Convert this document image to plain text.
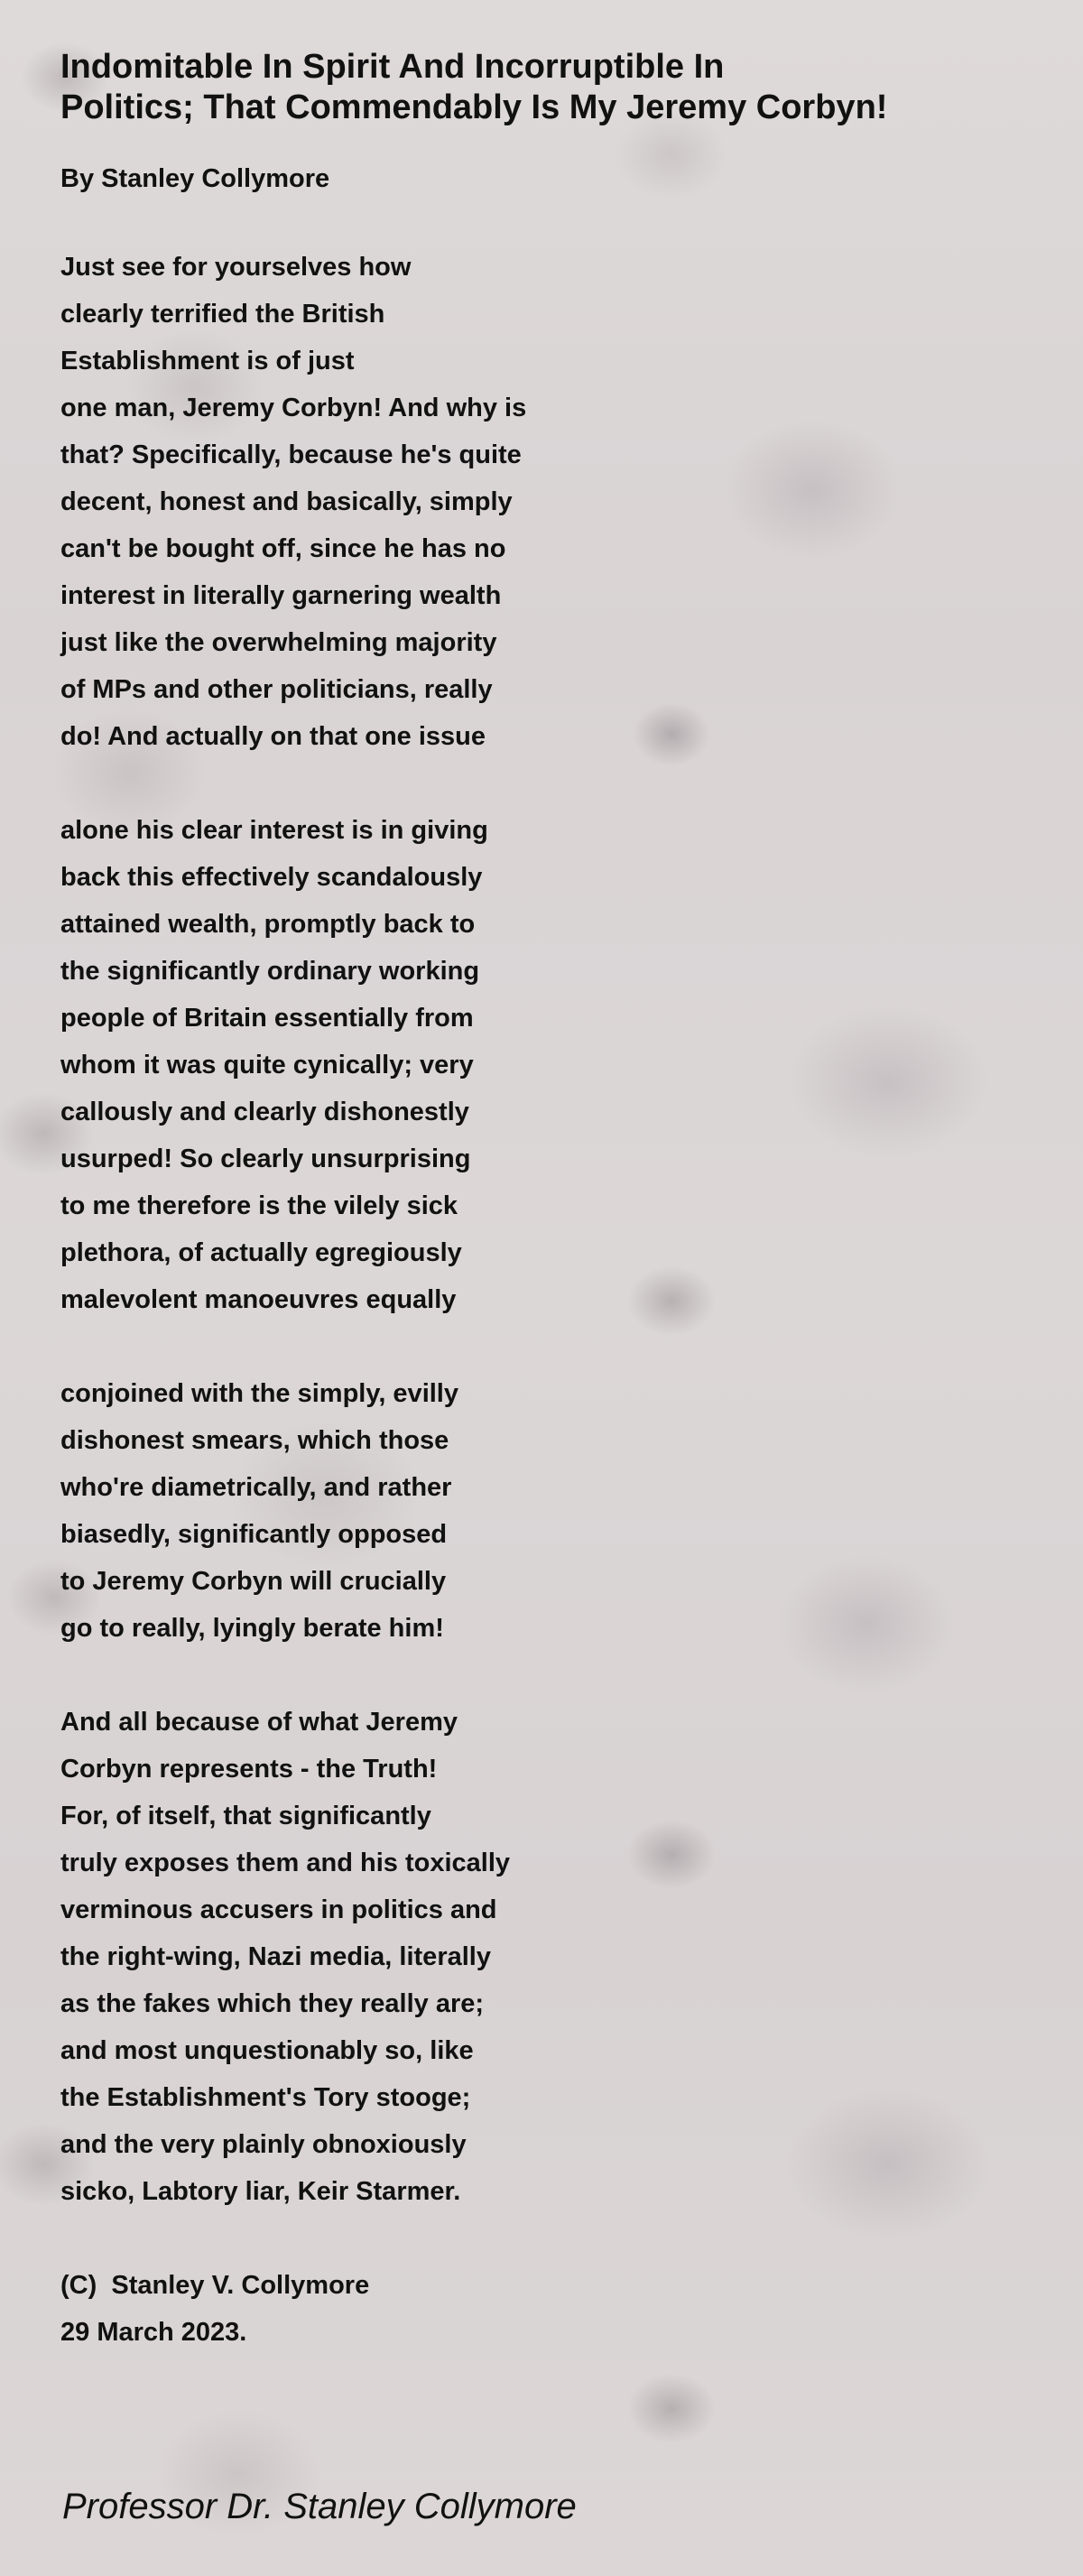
Indomitable In Spirit And Incorruptible In
Politics; That Commendably Is My Jeremy Corbyn!
By Stanley Collymore
Just see for yourselves how
clearly terrified the British
Establishment is of just
one man, Jeremy Corbyn! And why is
that? Specifically, because he's quite
decent, honest and basically, simply
can't be bought off, since he has no
interest in literally garnering wealth
just like the overwhelming majority
of MPs and other politicians, really
do! And actually on that one issue
alone his clear interest is in giving
back this effectively scandalously
attained wealth, promptly back to
the significantly ordinary working
people of Britain essentially from
whom it was quite cynically; very
callously and clearly dishonestly
usurped! So clearly unsurprising
to me therefore is the vilely sick
plethora, of actually egregiously
malevolent manoeuvres equally
conjoined with the simply, evilly
dishonest smears, which those
who're diametrically, and rather
biasedly, significantly opposed
to Jeremy Corbyn will crucially
go to really, lyingly berate him!
And all because of what Jeremy
Corbyn represents - the Truth!
For, of itself, that significantly
truly exposes them and his toxically
verminous accusers in politics and
the right-wing, Nazi media, literally
as the fakes which they really are;
and most unquestionably so, like
the Establishment's Tory stooge;
and the very plainly obnoxiously
sicko, Labtory liar, Keir Starmer.
(C)  Stanley V. Collymore
29 March 2023.
Professor Dr. Stanley Collymore
